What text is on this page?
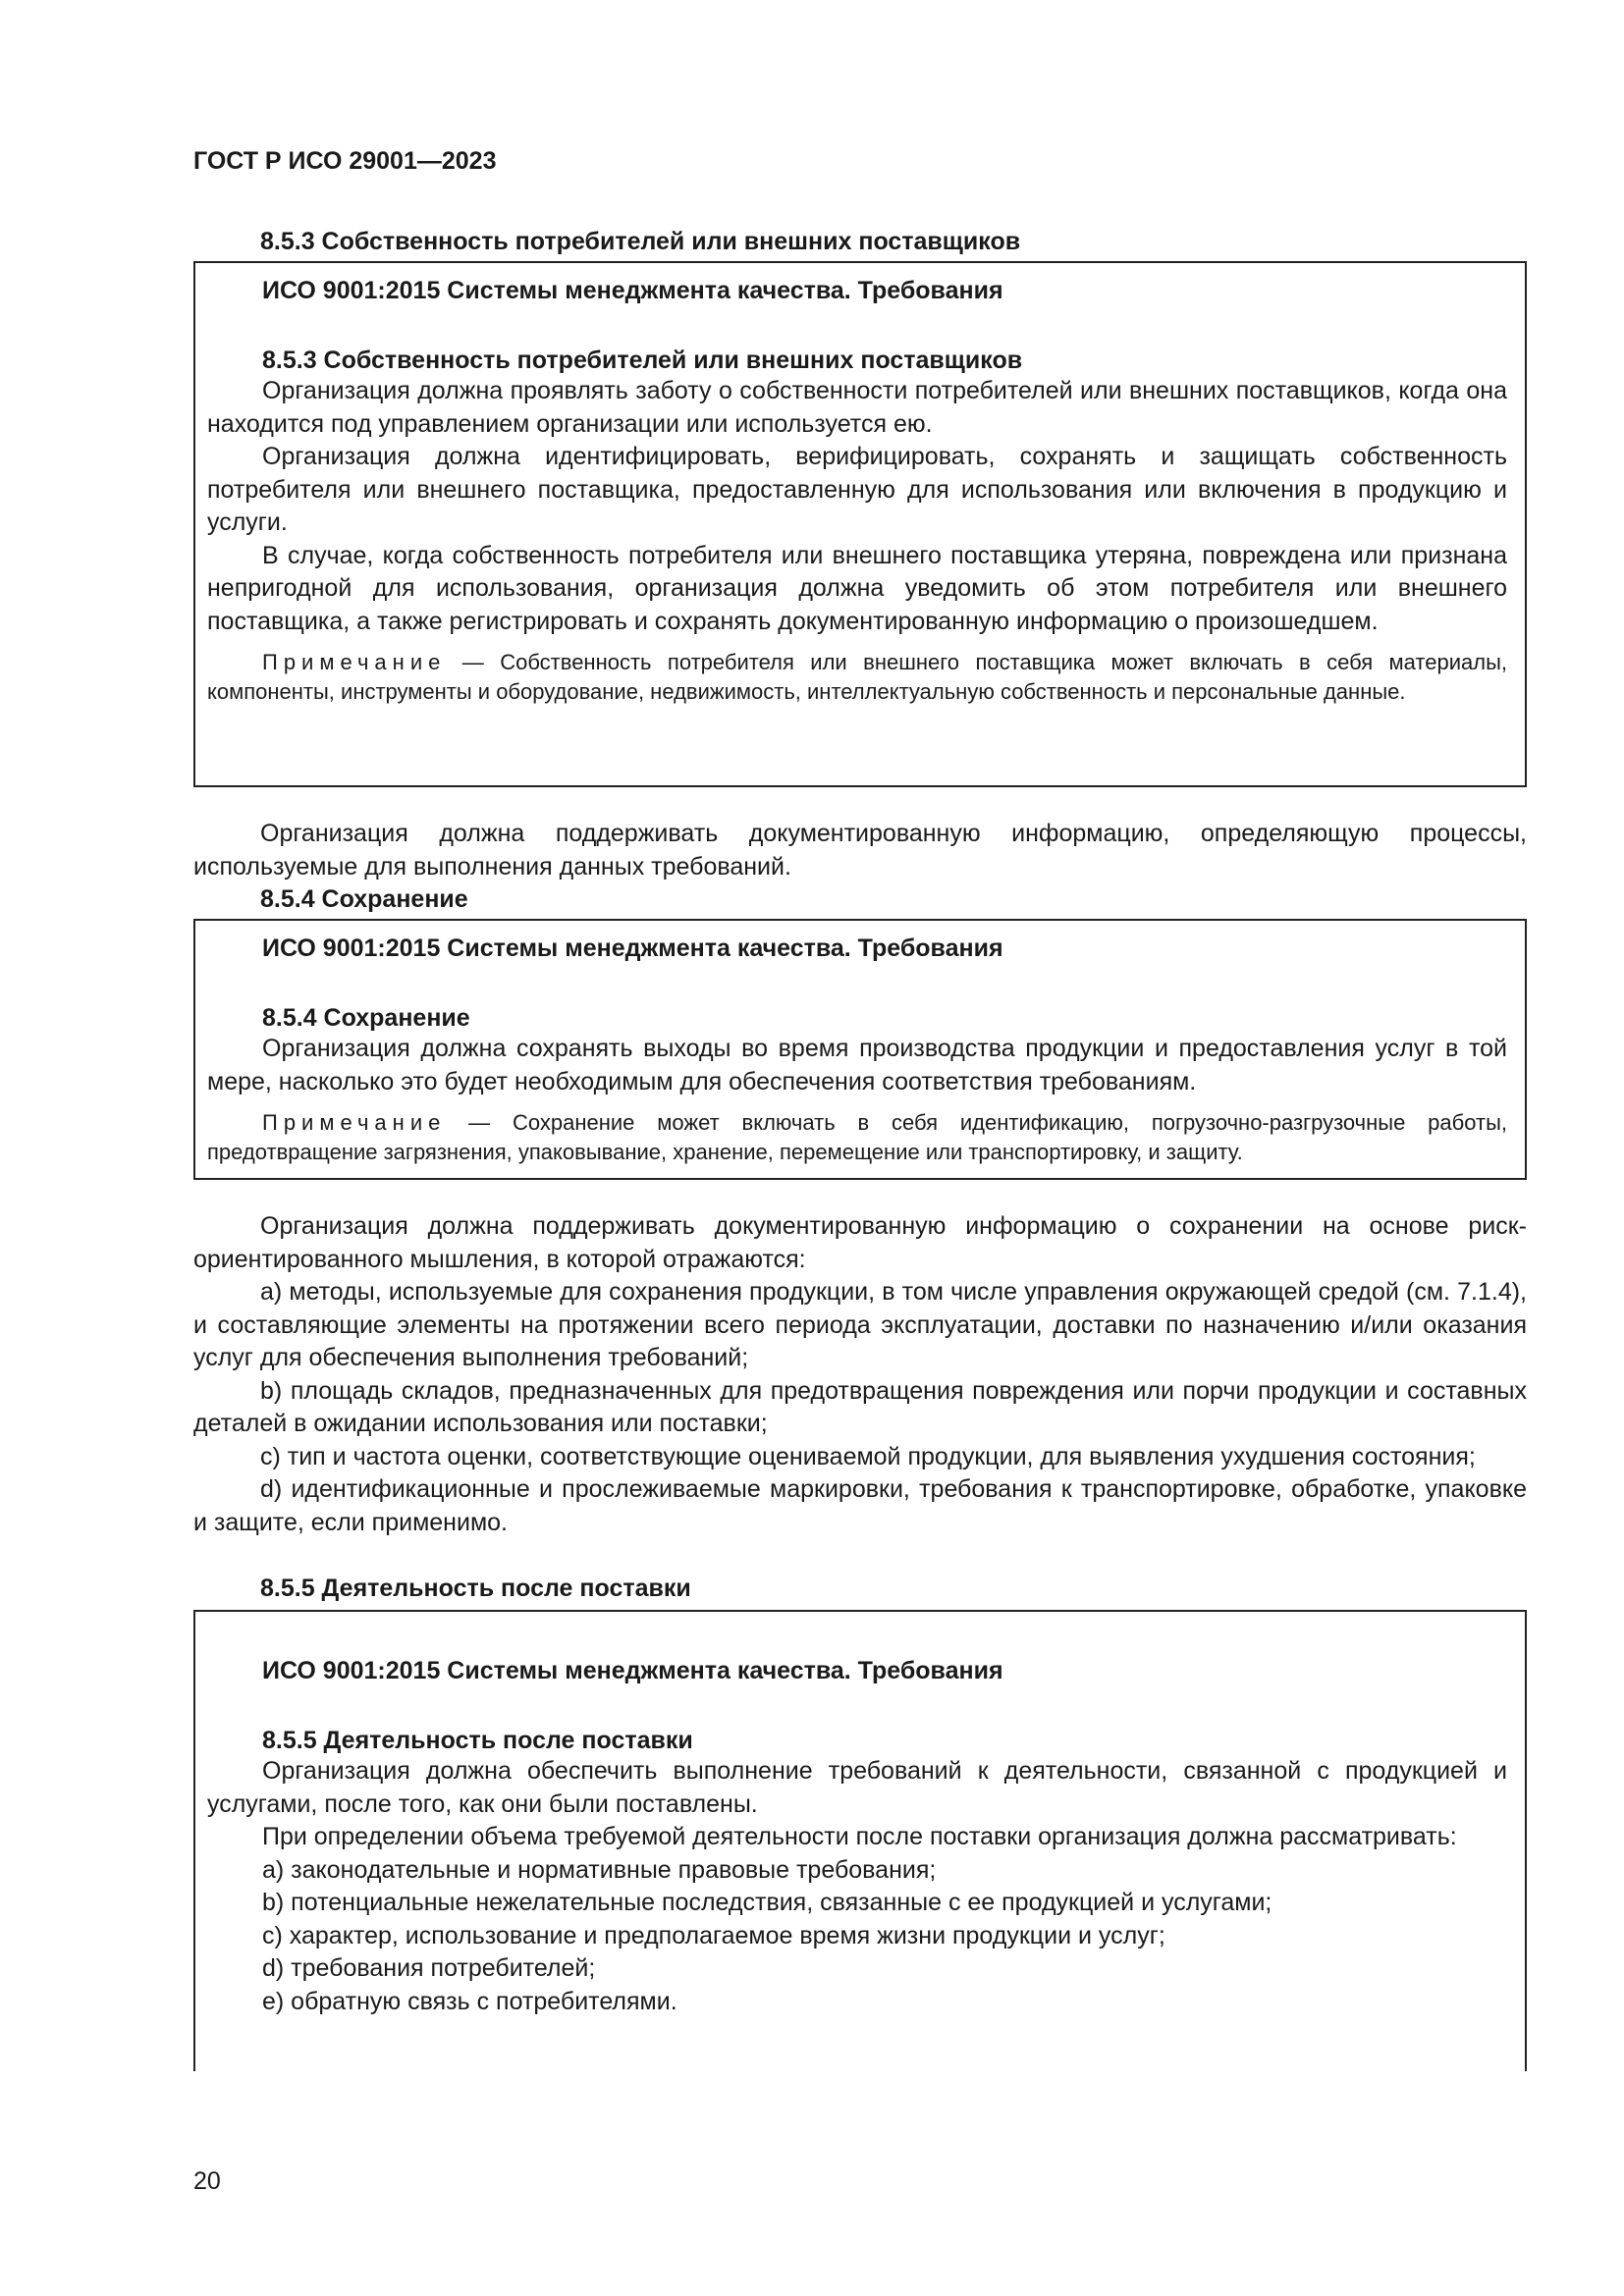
ГОСТ Р ИСО 29001—2023
8.5.3 Собственность потребителей или внешних поставщиков
ИСО 9001:2015 Системы менеджмента качества. Требования
8.5.3 Собственность потребителей или внешних поставщиков

Организация должна проявлять заботу о собственности потребителей или внешних поставщиков, когда она находится под управлением организации или используется ею.

Организация должна идентифицировать, верифицировать, сохранять и защищать собственность потребителя или внешнего поставщика, предоставленную для использования или включения в продукцию и услуги.

В случае, когда собственность потребителя или внешнего поставщика утеряна, повреждена или признана непригодной для использования, организация должна уведомить об этом потребителя или внешнего поставщика, а также регистрировать и сохранять документированную информацию о произошедшем.

Примечание — Собственность потребителя или внешнего поставщика может включать в себя материалы, компоненты, инструменты и оборудование, недвижимость, интеллектуальную собственность и персональные данные.

Организация должна поддерживать документированную информацию, определяющую процессы, используемые для выполнения данных требований.

8.5.4 Сохранение
ИСО 9001:2015 Системы менеджмента качества. Требования
8.5.4 Сохранение

Организация должна сохранять выходы во время производства продукции и предоставления услуг в той мере, насколько это будет необходимым для обеспечения соответствия требованиям.

Примечание — Сохранение может включать в себя идентификацию, погрузочно-разгрузочные работы, предотвращение загрязнения, упаковывание, хранение, перемещение или транспортировку, и защиту.

Организация должна поддерживать документированную информацию о сохранении на основе риск-ориентированного мышления, в которой отражаются:

a) методы, используемые для сохранения продукции, в том числе управления окружающей средой (см. 7.1.4), и составляющие элементы на протяжении всего периода эксплуатации, доставки по назначению и/или оказания услуг для обеспечения выполнения требований;

b) площадь складов, предназначенных для предотвращения повреждения или порчи продукции и составных деталей в ожидании использования или поставки;

c) тип и частота оценки, соответствующие оцениваемой продукции, для выявления ухудшения состояния;

d) идентификационные и прослеживаемые маркировки, требования к транспортировке, обработке, упаковке и защите, если применимо.

8.5.5 Деятельность после поставки
ИСО 9001:2015 Системы менеджмента качества. Требования
8.5.5 Деятельность после поставки

Организация должна обеспечить выполнение требований к деятельности, связанной с продукцией и услугами, после того, как они были поставлены.

При определении объема требуемой деятельности после поставки организация должна рассматривать:

a) законодательные и нормативные правовые требования;

b) потенциальные нежелательные последствия, связанные с ее продукцией и услугами;

c) характер, использование и предполагаемое время жизни продукции и услуг;

d) требования потребителей;

e) обратную связь с потребителями.

20
